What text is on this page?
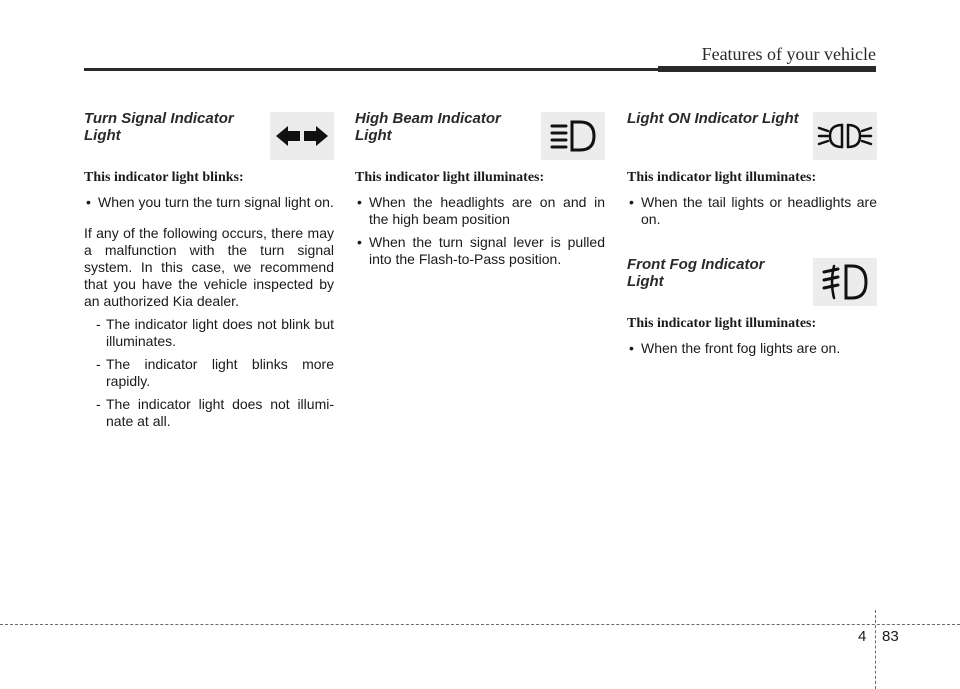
Features of your vehicle
Turn Signal Indicator Light
This indicator light blinks:
• When you turn the turn signal light on.
If any of the following occurs, there may a malfunction with the turn signal system. In this case, we recommend that you have the vehicle inspected by an authorized Kia dealer.
- The indicator light does not blink but illuminates.
- The indicator light blinks more rapidly.
- The indicator light does not illumi- nate at all.
High Beam Indicator Light
This indicator light illuminates:
• When the headlights are on and in the high beam position
• When the turn signal lever is pulled into the Flash-to-Pass position.
Light ON Indicator Light
This indicator light illuminates:
• When the tail lights or headlights are on.
Front Fog Indicator Light
This indicator light illuminates:
• When the front fog lights are on.
4 83
